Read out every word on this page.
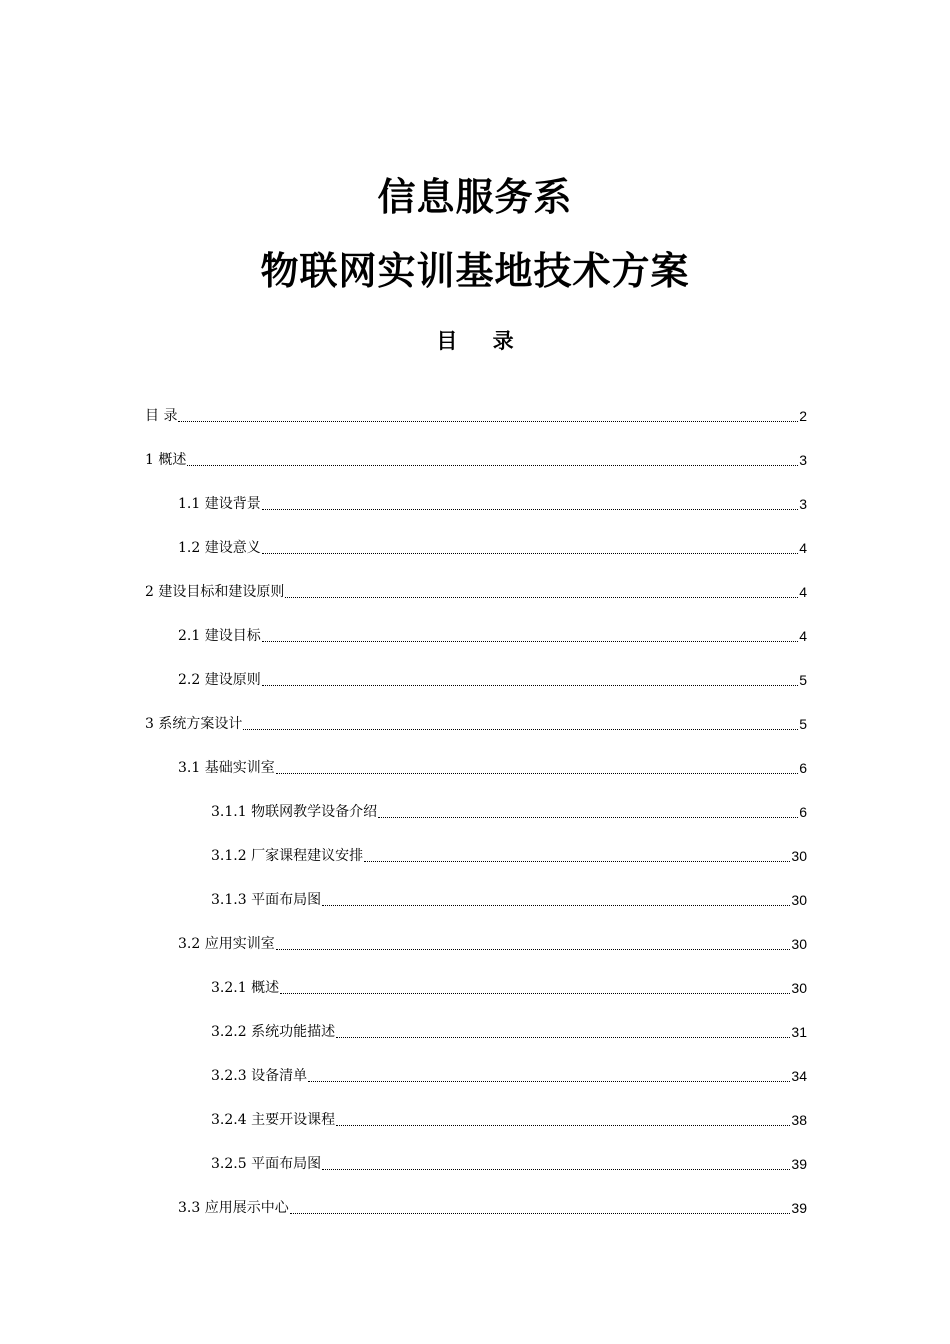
信息服务系
物联网实训基地技术方案
目 录
目 录	2
1 概述	3
1.1 建设背景	3
1.2 建设意义	4
2 建设目标和建设原则	4
2.1 建设目标	4
2.2 建设原则	5
3 系统方案设计	5
3.1 基础实训室	6
3.1.1 物联网教学设备介绍	6
3.1.2 厂家课程建议安排	30
3.1.3 平面布局图	30
3.2 应用实训室	30
3.2.1 概述	30
3.2.2 系统功能描述	31
3.2.3 设备清单	34
3.2.4 主要开设课程	38
3.2.5 平面布局图	39
3.3 应用展示中心	39
